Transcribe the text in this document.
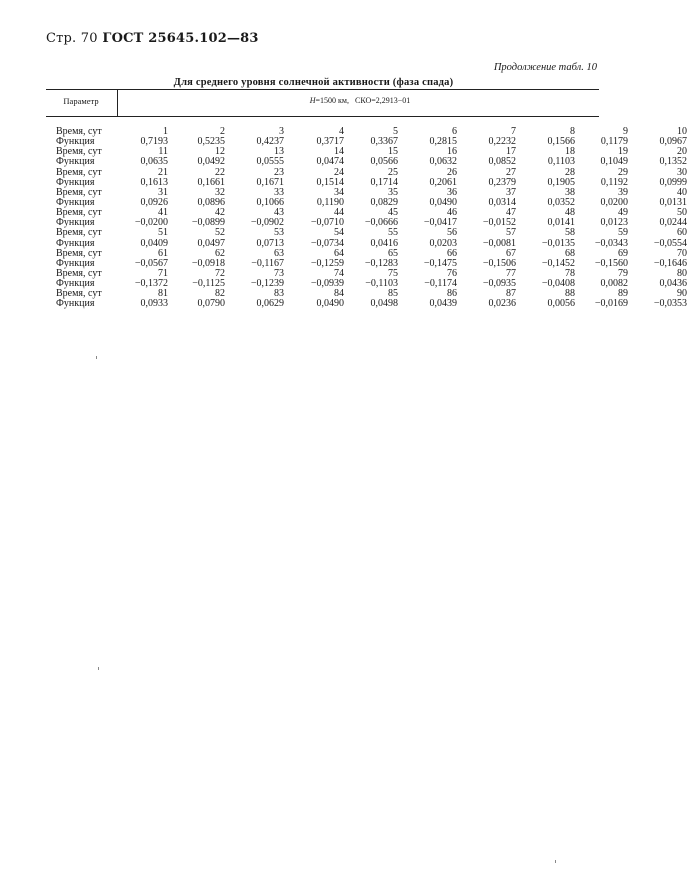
Стр. 70 ГОСТ 25645.102—83
Продолжение табл. 10
Для среднего уровня солнечной активности (фаза спада)
Параметр	H=1500 км, СКО=2,2913−01
Время, сут	1	2	3	4	5	6	7	8	9	10
Функция	0,7193	0,5235	0,4237	0,3717	0,3367	0,2815	0,2232	0,1566	0,1179	0,0967
Время, сут	11	12	13	14	15	16	17	18	19	20
Функция	0,0635	0,0492	0,0555	0,0474	0,0566	0,0632	0,0852	0,1103	0,1049	0,1352
Время, сут	21	22	23	24	25	26	27	28	29	30
Функция	0,1613	0,1661	0,1671	0,1514	0,1714	0,2061	0,2379	0,1905	0,1192	0,0999
Время, сут	31	32	33	34	35	36	37	38	39	40
Функция	0,0926	0,0896	0,1066	0,1190	0,0829	0,0490	0,0314	0,0352	0,0200	0,0131
Время, сут	41	42	43	44	45	46	47	48	49	50
Функция	−0,0200	−0,0899	−0,0902	−0,0710	−0,0666	−0,0417	−0,0152	0,0141	0,0123	0,0244
Время, сут	51	52	53	54	55	56	57	58	59	60
Функция	0,0409	0,0497	0,0713	−0,0734	0,0416	0,0203	−0,0081	−0,0135	−0,0343	−0,0554
Время, сут	61	62	63	64	65	66	67	68	69	70
Функция	−0,0567	−0,0918	−0,1167	−0,1259	−0,1283	−0,1475	−0,1506	−0,1452	−0,1560	−0,1646
Время, сут	71	72	73	74	75	76	77	78	79	80
Функция	−0,1372	−0,1125	−0,1239	−0,0939	−0,1103	−0,1174	−0,0935	−0,0408	0,0082	0,0436
Время, сут	81	82	83	84	85	86	87	88	89	90
Функция	0,0933	0,0790	0,0629	0,0490	0,0498	0,0439	0,0236	0,0056	−0,0169	−0,0353
